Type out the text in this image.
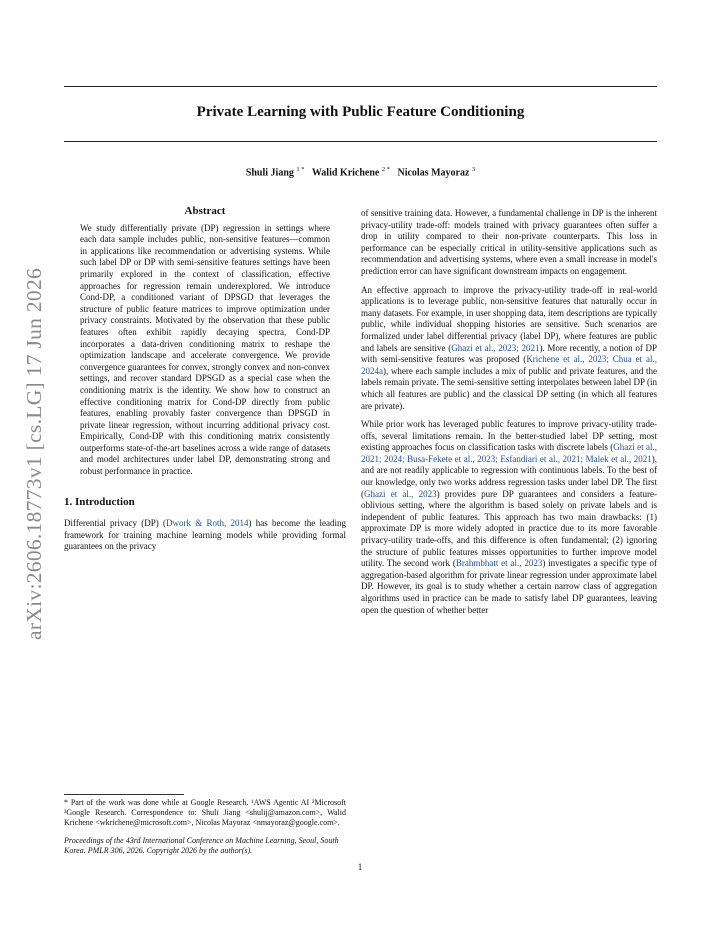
Private Learning with Public Feature Conditioning
Shuli Jiang $^{1 *}$ Walid Krichene $^{2 *}$ Nicolas Mayoraz $^3$
arXiv:2606.18773v1 [cs.LG] 17 Jun 2026
Abstract

We study differentially private (DP) regression in settings where each data sample includes public, non-sensitive features—common in applications like recommendation or advertising systems. While such label DP or DP with semi-sensitive features settings have been primarily explored in the context of classification, effective approaches for regression remain underexplored. We introduce Cond-DP, a conditioned variant of DPSGD that leverages the structure of public feature matrices to improve optimization under privacy constraints. Motivated by the observation that these public features often exhibit rapidly decaying spectra, Cond-DP incorporates a data-driven conditioning matrix to reshape the optimization landscape and accelerate convergence. We provide convergence guarantees for convex, strongly convex and non-convex settings, and recover standard DPSGD as a special case when the conditioning matrix is the identity. We show how to construct an effective conditioning matrix for Cond-DP directly from public features, enabling provably faster convergence than DPSGD in private linear regression, without incurring additional privacy cost. Empirically, Cond-DP with this conditioning matrix consistently outperforms state-of-the-art baselines across a wide range of datasets and model architectures under label DP, demonstrating strong and robust performance in practice.

1. Introduction

Differential privacy (DP) (Dwork & Roth, 2014) has become the leading framework for training machine learning models while providing formal guarantees on the privacy

* Part of the work was done while at Google Research. ¹AWS Agentic AI ²Microsoft ³Google Research. Correspondence to: Shuli Jiang <shulij@amazon.com>, Walid Krichene <wkrichene@microsoft.com>, Nicolas Mayoraz <nmayoraz@google.com>.

Proceedings of the 43rd International Conference on Machine Learning, Seoul, South Korea. PMLR 306, 2026. Copyright 2026 by the author(s).

of sensitive training data. However, a fundamental challenge in DP is the inherent privacy-utility trade-off: models trained with privacy guarantees often suffer a drop in utility compared to their non-private counterparts. This loss in performance can be especially critical in utility-sensitive applications such as recommendation and advertising systems, where even a small increase in model's prediction error can have significant downstream impacts on engagement.

An effective approach to improve the privacy-utility trade-off in real-world applications is to leverage public, non-sensitive features that naturally occur in many datasets. For example, in user shopping data, item descriptions are typically public, while individual shopping histories are sensitive. Such scenarios are formalized under label differential privacy (label DP), where features are public and labels are sensitive (Ghazi et al., 2023; 2021). More recently, a notion of DP with semi-sensitive features was proposed (Krichene et al., 2023; Chua et al., 2024a), where each sample includes a mix of public and private features, and the labels remain private. The semi-sensitive setting interpolates between label DP (in which all features are public) and the classical DP setting (in which all features are private).

While prior work has leveraged public features to improve privacy-utility trade-offs, several limitations remain. In the better-studied label DP setting, most existing approaches focus on classification tasks with discrete labels (Ghazi et al., 2021; 2024; Busa-Fekete et al., 2023; Esfandiari et al., 2021; Malek et al., 2021), and are not readily applicable to regression with continuous labels. To the best of our knowledge, only two works address regression tasks under label DP. The first (Ghazi et al., 2023) provides pure DP guarantees and considers a feature-oblivious setting, where the algorithm is based solely on private labels and is independent of public features. This approach has two main drawbacks: (1) approximate DP is more widely adopted in practice due to its more favorable privacy-utility trade-offs, and this difference is often fundamental; (2) ignoring the structure of public features misses opportunities to further improve model utility. The second work (Brahmbhatt et al., 2023) investigates a specific type of aggregation-based algorithm for private linear regression under approximate label DP. However, its goal is to study whether a certain narrow class of aggregation algorithms used in practice can be made to satisfy label DP guarantees, leaving open the question of whether better

1
